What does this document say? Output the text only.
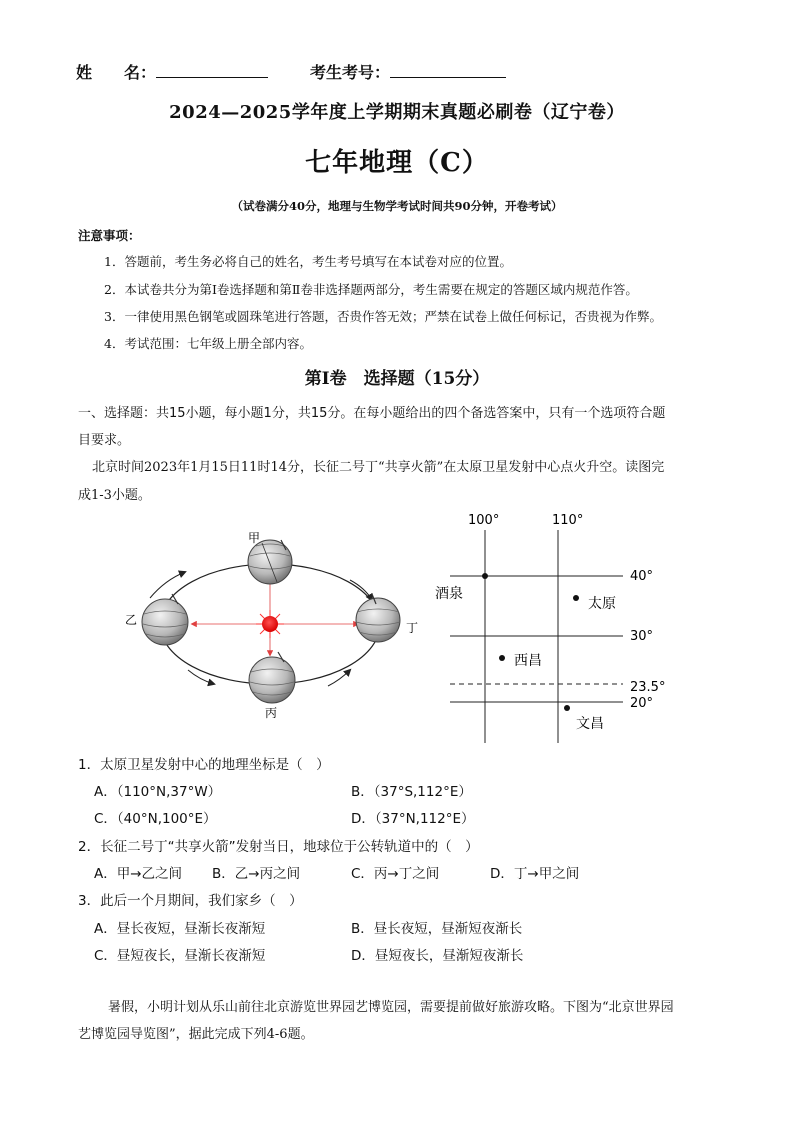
姓　　名：	考生考号：
2024—2025学年度上学期期末真题必刷卷（辽宁卷）
七年地理（C）
（试卷满分40分，地理与生物学考试时间共90分钟，开卷考试）
注意事项：
1．答题前，考生务必将自己的姓名，考生考号填写在本试卷对应的位置。
2．本试卷共分为第Ⅰ卷选择题和第Ⅱ卷非选择题两部分，考生需要在规定的答题区域内规范作答。
3．一律使用黑色钢笔或圆珠笔进行答题，否贵作答无效；严禁在试卷上做任何标记，否贵视为作弊。
4．考试范围：七年级上册全部内容。
第Ⅰ卷　选择题（15分）
一、选择题：共15小题，每小题1分，共15分。在每小题给出的四个备选答案中，只有一个选项符合题
目要求。
北京时间2023年1月15日11时14分，长征二号丁“共享火箭”在太原卫星发射中心点火升空。读图完
成1-3小题。
甲
乙
丙
丁
100°	110°
40°
30°
23.5°
20°
酒泉
太原
西昌
文昌
1．太原卫星发射中心的地理坐标是（　）
A．（110°N,37°W）	B．（37°S,112°E）
C．（40°N,100°E）	D．（37°N,112°E）
2．长征二号丁“共享火箭”发射当日，地球位于公转轨道中的（　）
A．甲→乙之间 B．乙→丙之间	C．丙→丁之间	D．丁→甲之间
3．此后一个月期间，我们家乡（　）
A．昼长夜短，昼渐长夜渐短	B．昼长夜短，昼渐短夜渐长
C．昼短夜长，昼渐长夜渐短	D．昼短夜长，昼渐短夜渐长
暑假，小明计划从乐山前往北京游览世界园艺博览园，需要提前做好旅游攻略。下图为“北京世界园
艺博览园导览图”，据此完成下列4-6题。
